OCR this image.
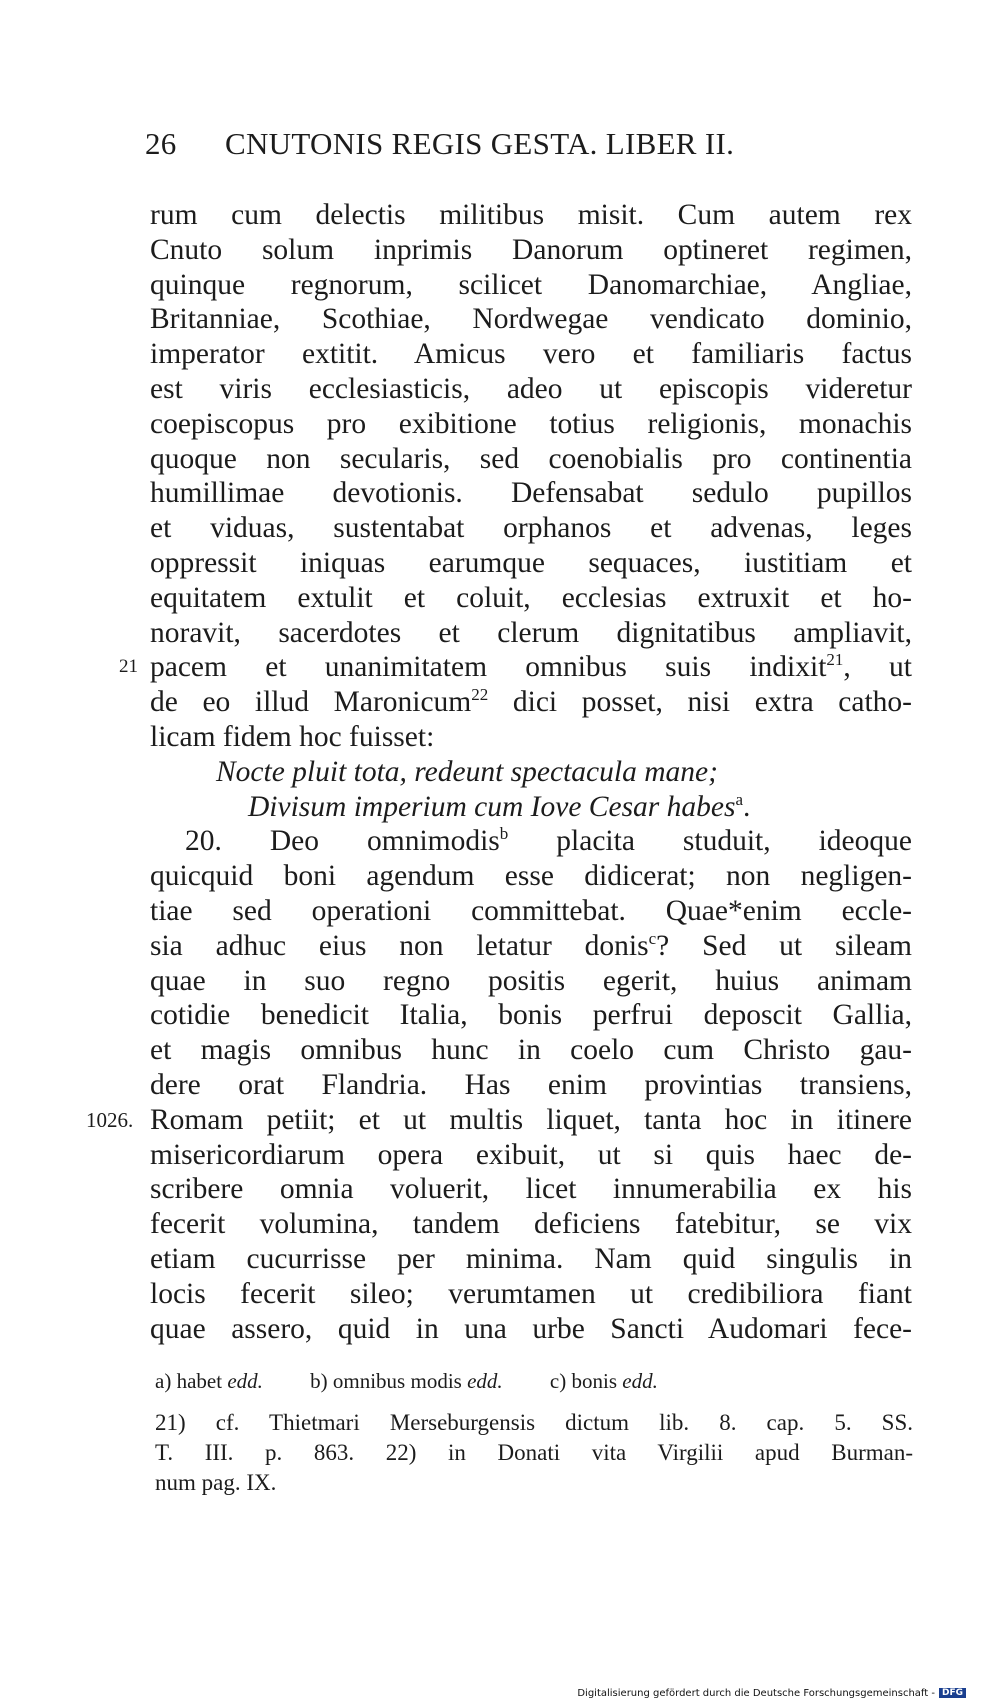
26 CNUTONIS REGIS GESTA. LIBER II.
rum cum delectis militibus misit. Cum autem rex
Cnuto solum inprimis Danorum optineret regimen,
quinque regnorum, scilicet Danomarchiae, Angliae,
Britanniae, Scothiae, Nordwegae vendicato dominio,
imperator extitit. Amicus vero et familiaris factus
est viris ecclesiasticis, adeo ut episcopis videretur
coepiscopus pro exibitione totius religionis, monachis
quoque non secularis, sed coenobialis pro continentia
humillimae devotionis. Defensabat sedulo pupillos
et viduas, sustentabat orphanos et advenas, leges
oppressit iniquas earumque sequaces, iustitiam et
equitatem extulit et coluit, ecclesias extruxit et ho-
noravit, sacerdotes et clerum dignitatibus ampliavit,
21 pacem et unanimitatem omnibus suis indixit$^{21}$, ut
de eo illud Maronicum$^{22}$ dici posset, nisi extra catho-
licam fidem hoc fuisset:
Nocte pluit tota, redeunt spectacula mane;
Divisum imperium cum Iove Cesar habes$^a$.
20. Deo omnimodis$^b$ placita studuit, ideoque
quicquid boni agendum esse didicerat; non negligen-
tiae sed operationi committebat. Quae*enim eccle-
sia adhuc eius non letatur donis$^c$? Sed ut sileam
quae in suo regno positis egerit, huius animam
cotidie benedicit Italia, bonis perfrui deposcit Gallia,
et magis omnibus hunc in coelo cum Christo gau-
dere orat Flandria. Has enim provintias transiens,
1026. Romam petiit; et ut multis liquet, tanta hoc in itinere
misericordiarum opera exibuit, ut si quis haec de-
scribere omnia voluerit, licet innumerabilia ex his
fecerit volumina, tandem deficiens fatebitur, se vix
etiam cucurrisse per minima. Nam quid singulis in
locis fecerit sileo; verumtamen ut credibiliora fiant
quae assero, quid in una urbe Sancti Audomari fece-
a) habet edd. b) omnibus modis edd. c) bonis edd.
21) cf. Thietmari Merseburgensis dictum lib. 8. cap. 5. SS.
T. III. p. 863. 22) in Donati vita Virgilii apud Burman-
num pag. IX.
Digitalisierung gefördert durch die Deutsche Forschungsgemeinschaft - DFG
